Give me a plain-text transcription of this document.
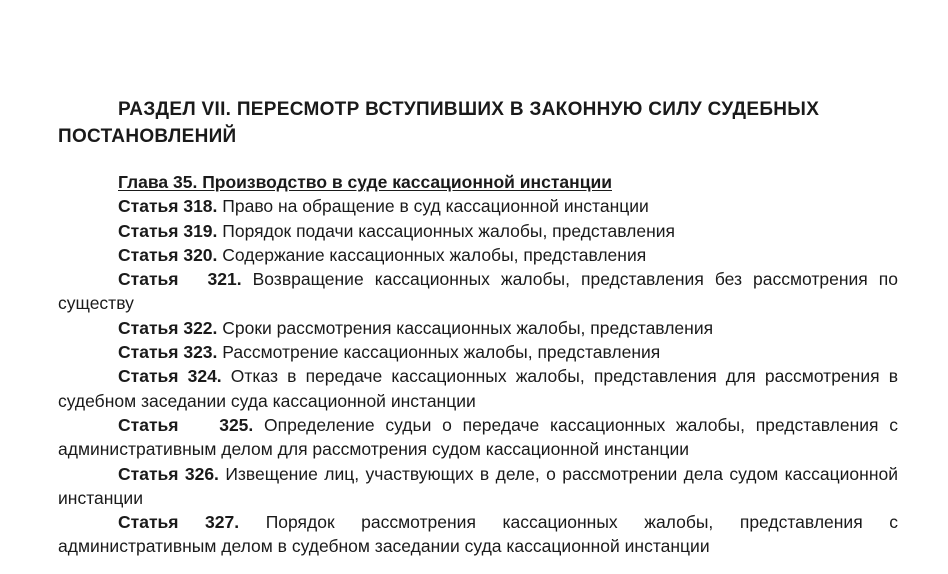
РАЗДЕЛ VII. ПЕРЕСМОТР ВСТУПИВШИХ В ЗАКОННУЮ СИЛУ СУДЕБНЫХ ПОСТАНОВЛЕНИЙ
Глава 35. Производство в суде кассационной инстанции
Статья 318. Право на обращение в суд кассационной инстанции
Статья 319. Порядок подачи кассационных жалобы, представления
Статья 320. Содержание кассационных жалобы, представления
Статья 321. Возвращение кассационных жалобы, представления без рассмотрения по существу
Статья 322. Сроки рассмотрения кассационных жалобы, представления
Статья 323. Рассмотрение кассационных жалобы, представления
Статья 324. Отказ в передаче кассационных жалобы, представления для рассмотрения в судебном заседании суда кассационной инстанции
Статья 325. Определение судьи о передаче кассационных жалобы, представления с административным делом для рассмотрения судом кассационной инстанции
Статья 326. Извещение лиц, участвующих в деле, о рассмотрении дела судом кассационной инстанции
Статья 327. Порядок рассмотрения кассационных жалобы, представления с административным делом в судебном заседании суда кассационной инстанции
